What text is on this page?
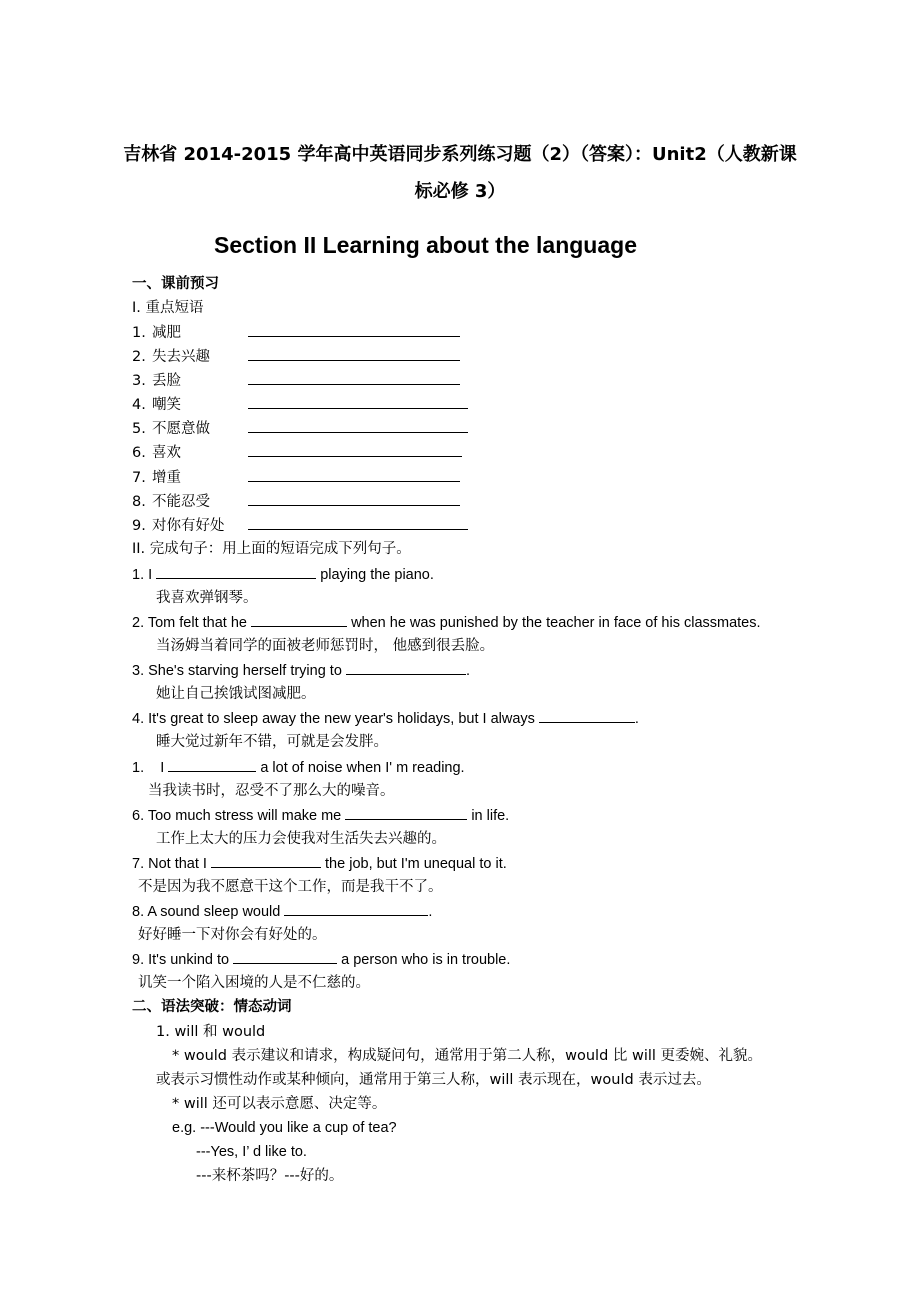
吉林省 2014-2015 学年高中英语同步系列练习题（2）（答案）：Unit2（人教新课标必修 3）
Section II Learning about the language
一、课前预习
I. 重点短语
1. 减肥
2. 失去兴趣
3. 丢脸
4. 嘲笑
5. 不愿意做
6. 喜欢
7. 增重
8. 不能忍受
9. 对你有好处
II. 完成句子：用上面的短语完成下列句子。
1. I	playing the piano.
我喜欢弹钢琴。
2. Tom felt that he	when he was punished by the teacher in face of his classmates.
当汤姆当着同学的面被老师惩罚时， 他感到很丢脸。
3. She's starving herself trying to	.
她让自己挨饿试图减肥。
4. It's great to sleep away the new year's holidays, but I always	.
睡大觉过新年不错，可就是会发胖。
1.    I	a lot of noise when I' m reading.
当我读书时，忍受不了那么大的噪音。
6. Too much stress will make me	in life.
工作上太大的压力会使我对生活失去兴趣的。
7. Not that I	the job, but I'm unequal to it.
不是因为我不愿意干这个工作，而是我干不了。
8. A sound sleep would	.
好好睡一下对你会有好处的。
9. It's unkind to	a person who is in trouble.
讥笑一个陷入困境的人是不仁慈的。
二、语法突破：情态动词
1. will 和 would
* would 表示建议和请求，构成疑问句，通常用于第二人称，would 比 will 更委婉、礼貌。
或表示习惯性动作或某种倾向，通常用于第三人称，will 表示现在，would 表示过去。
* will 还可以表示意愿、决定等。
e.g. ---Would you like a cup of tea?
---Yes, I’ d like to.
---来杯茶吗？---好的。
